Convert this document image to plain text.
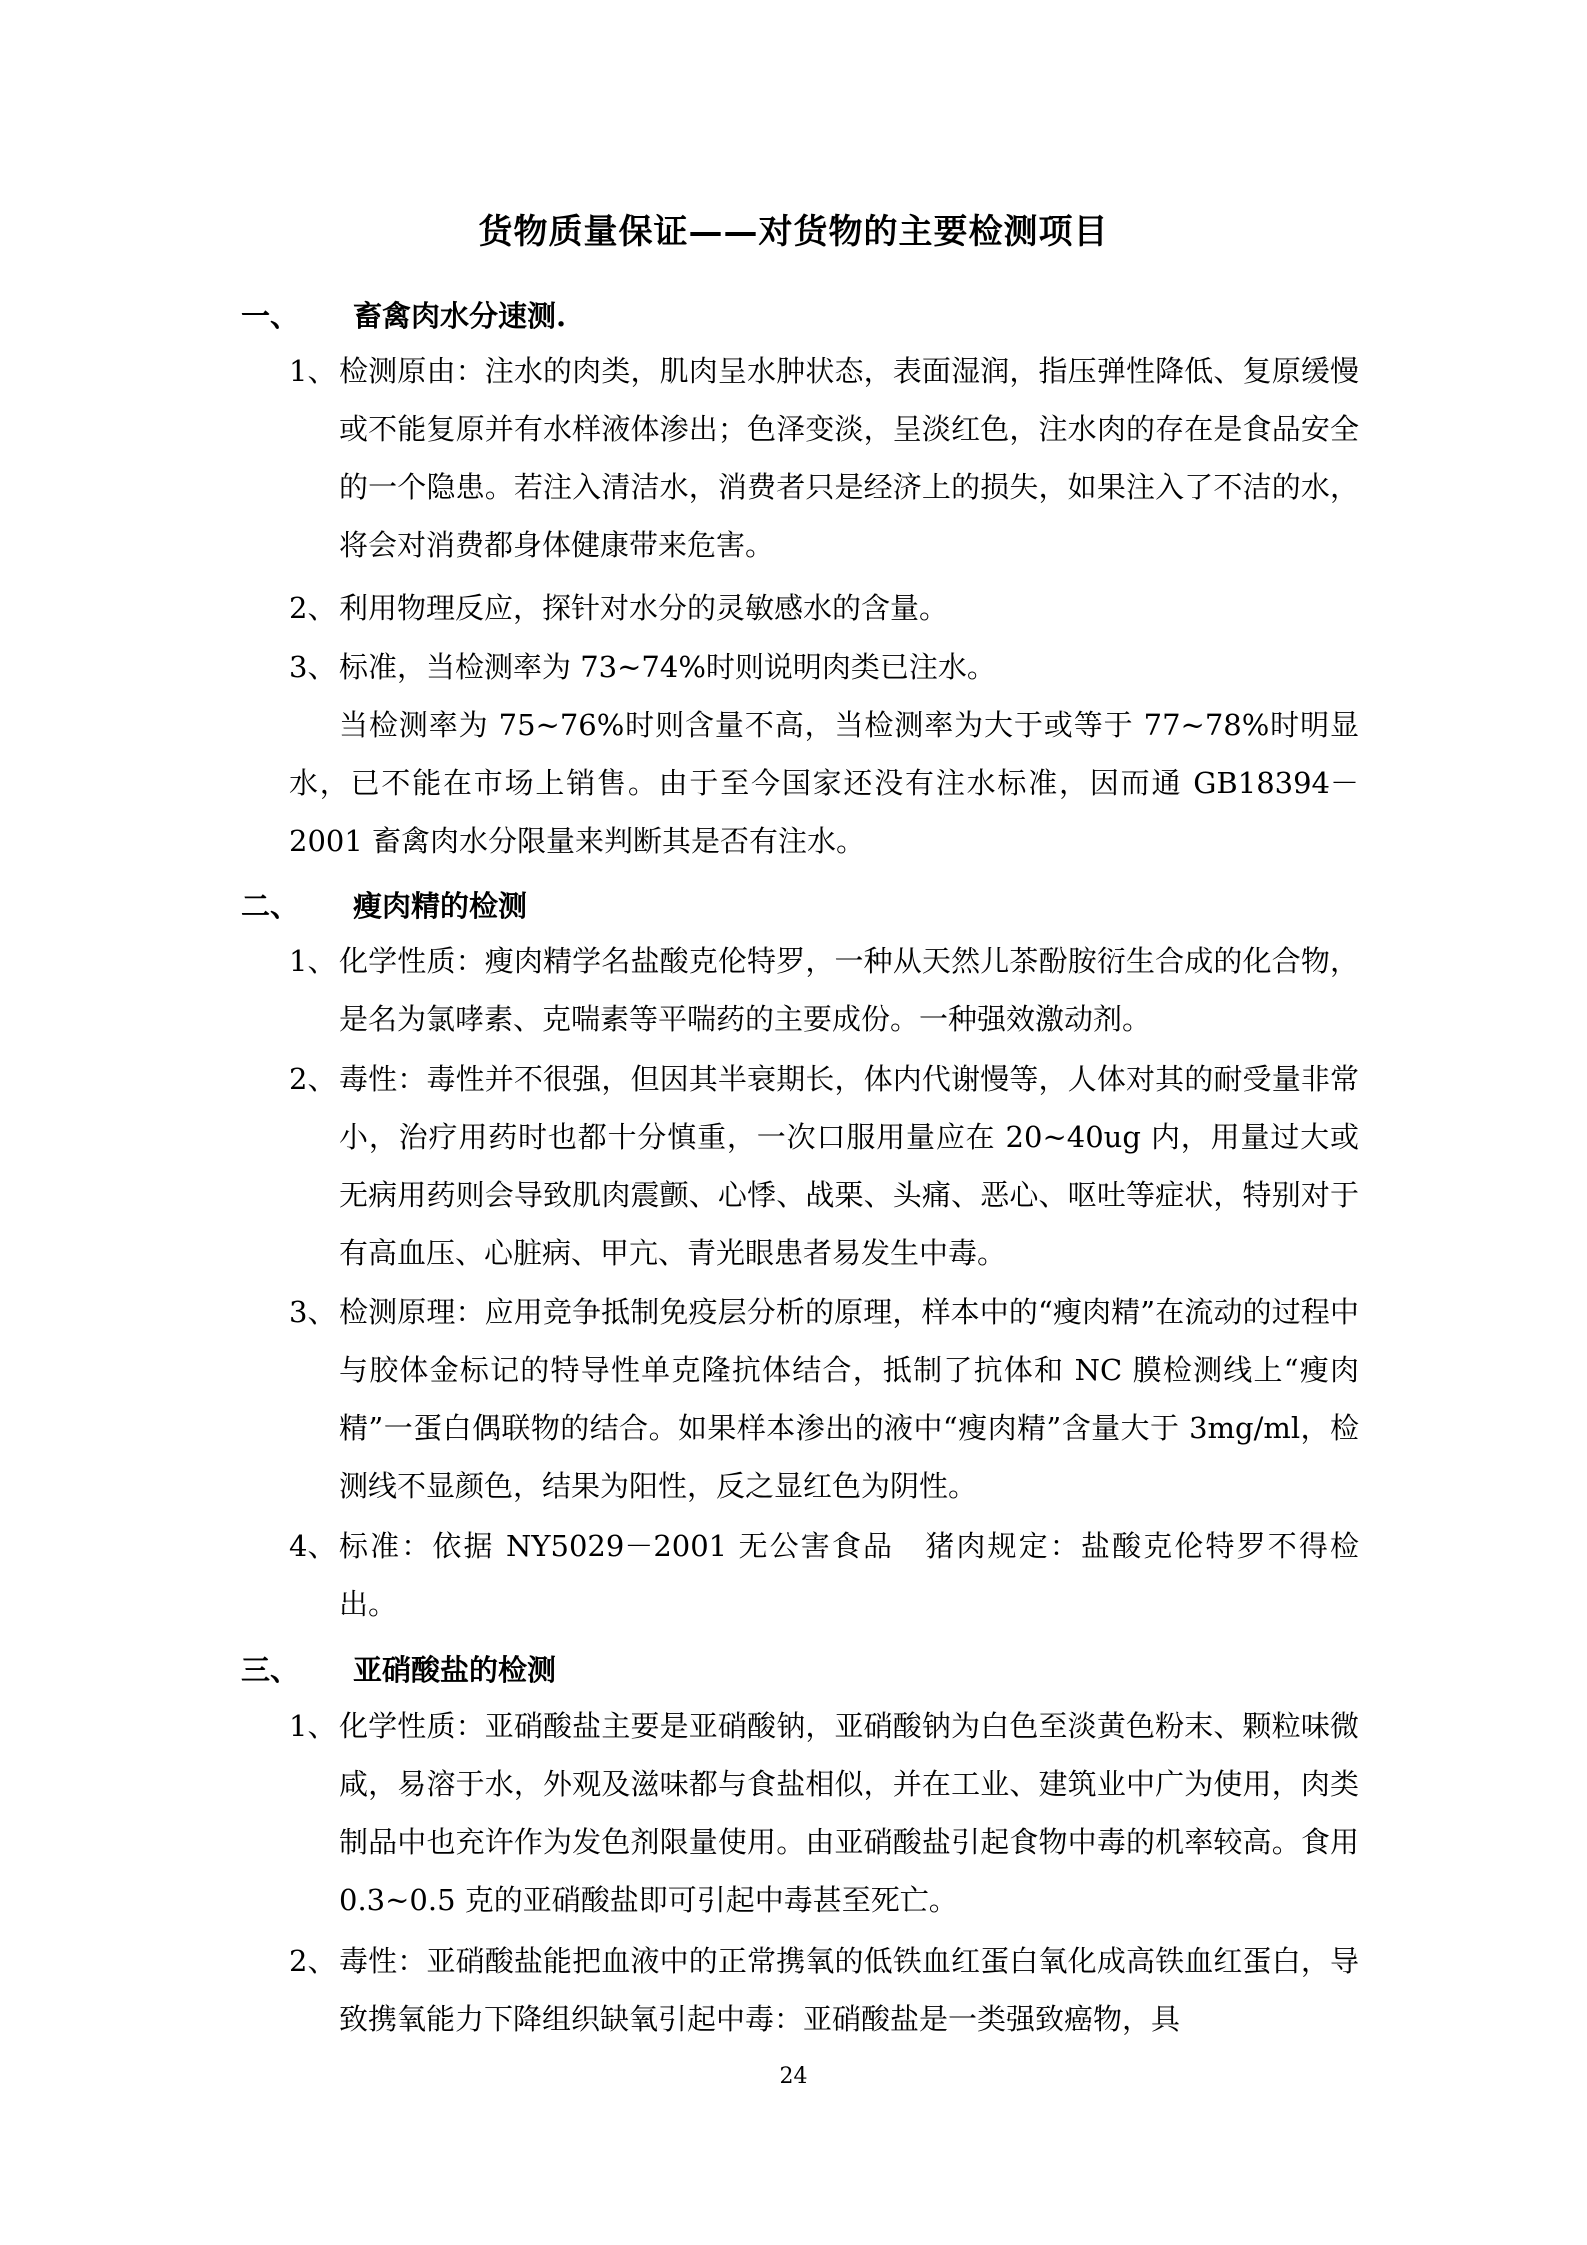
货物质量保证——对货物的主要检测项目
一、 畜禽肉水分速测.
1、 检测原由：注水的肉类，肌肉呈水肿状态，表面湿润，指压弹性降低、复原缓慢或不能复原并有水样液体渗出；色泽变淡，呈淡红色，注水肉的存在是食品安全的一个隐患。若注入清洁水，消费者只是经济上的损失，如果注入了不洁的水，将会对消费都身体健康带来危害。
2、 利用物理反应，探针对水分的灵敏感水的含量。
3、 标准，当检测率为 73~74%时则说明肉类已注水。
当检测率为 75~76%时则含量不高，当检测率为大于或等于 77~78%时明显水，已不能在市场上销售。由于至今国家还没有注水标准，因而通 GB18394－2001 畜禽肉水分限量来判断其是否有注水。
二、 瘦肉精的检测
1、 化学性质：瘦肉精学名盐酸克伦特罗，一种从天然儿茶酚胺衍生合成的化合物，是名为氯哮素、克喘素等平喘药的主要成份。一种强效激动剂。
2、 毒性：毒性并不很强，但因其半衰期长，体内代谢慢等，人体对其的耐受量非常小，治疗用药时也都十分慎重，一次口服用量应在 20~40ug 内，用量过大或无病用药则会导致肌肉震颤、心悸、战栗、头痛、恶心、呕吐等症状，特别对于有高血压、心脏病、甲亢、青光眼患者易发生中毒。
3、 检测原理：应用竞争抵制免疫层分析的原理，样本中的“瘦肉精”在流动的过程中与胶体金标记的特导性单克隆抗体结合，抵制了抗体和 NC 膜检测线上“瘦肉精”一蛋白偶联物的结合。如果样本渗出的液中“瘦肉精”含量大于 3mg/ml，检测线不显颜色，结果为阳性，反之显红色为阴性。
4、 标准：依据 NY5029－2001 无公害食品　猪肉规定：盐酸克伦特罗不得检出。
三、 亚硝酸盐的检测
1、 化学性质：亚硝酸盐主要是亚硝酸钠，亚硝酸钠为白色至淡黄色粉末、颗粒味微咸，易溶于水，外观及滋味都与食盐相似，并在工业、建筑业中广为使用，肉类制品中也充许作为发色剂限量使用。由亚硝酸盐引起食物中毒的机率较高。食用 0.3~0.5 克的亚硝酸盐即可引起中毒甚至死亡。
2、 毒性：亚硝酸盐能把血液中的正常携氧的低铁血红蛋白氧化成高铁血红蛋白，导致携氧能力下降组织缺氧引起中毒：亚硝酸盐是一类强致癌物，具
24
